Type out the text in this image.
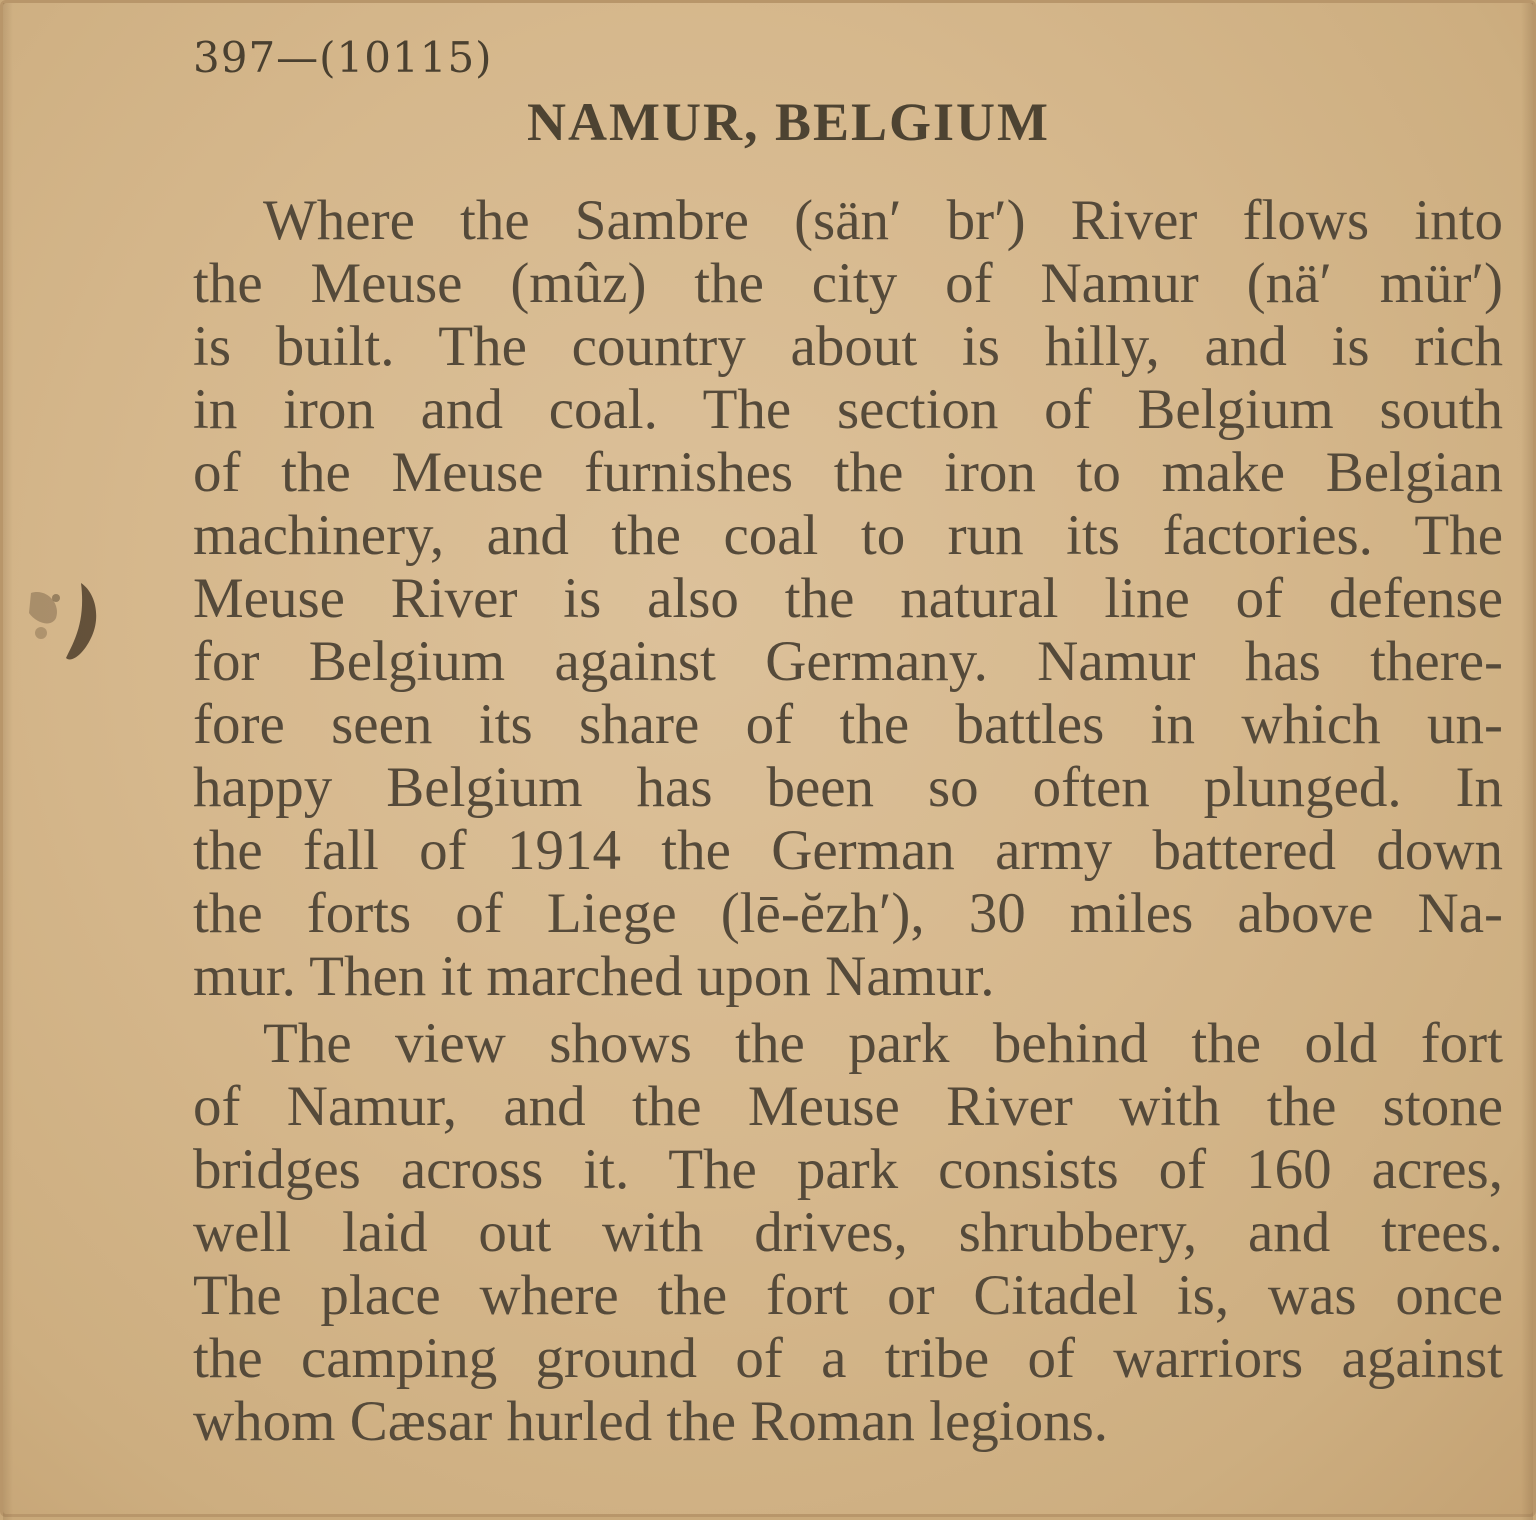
397—(10115)
NAMUR, BELGIUM
Where the Sambre (sän′ br′) River flows into
the Meuse (mûz) the city of Namur (nä′ mür′)
is built. The country about is hilly, and is rich
in iron and coal. The section of Belgium south
of the Meuse furnishes the iron to make Belgian
machinery, and the coal to run its factories. The
Meuse River is also the natural line of defense
for Belgium against Germany. Namur has there-
fore seen its share of the battles in which un-
happy Belgium has been so often plunged. In
the fall of 1914 the German army battered down
the forts of Liege (lē-ĕzh′), 30 miles above Na-
mur. Then it marched upon Namur.
The view shows the park behind the old fort
of Namur, and the Meuse River with the stone
bridges across it. The park consists of 160 acres,
well laid out with drives, shrubbery, and trees.
The place where the fort or Citadel is, was once
the camping ground of a tribe of warriors against
whom Cæsar hurled the Roman legions.
